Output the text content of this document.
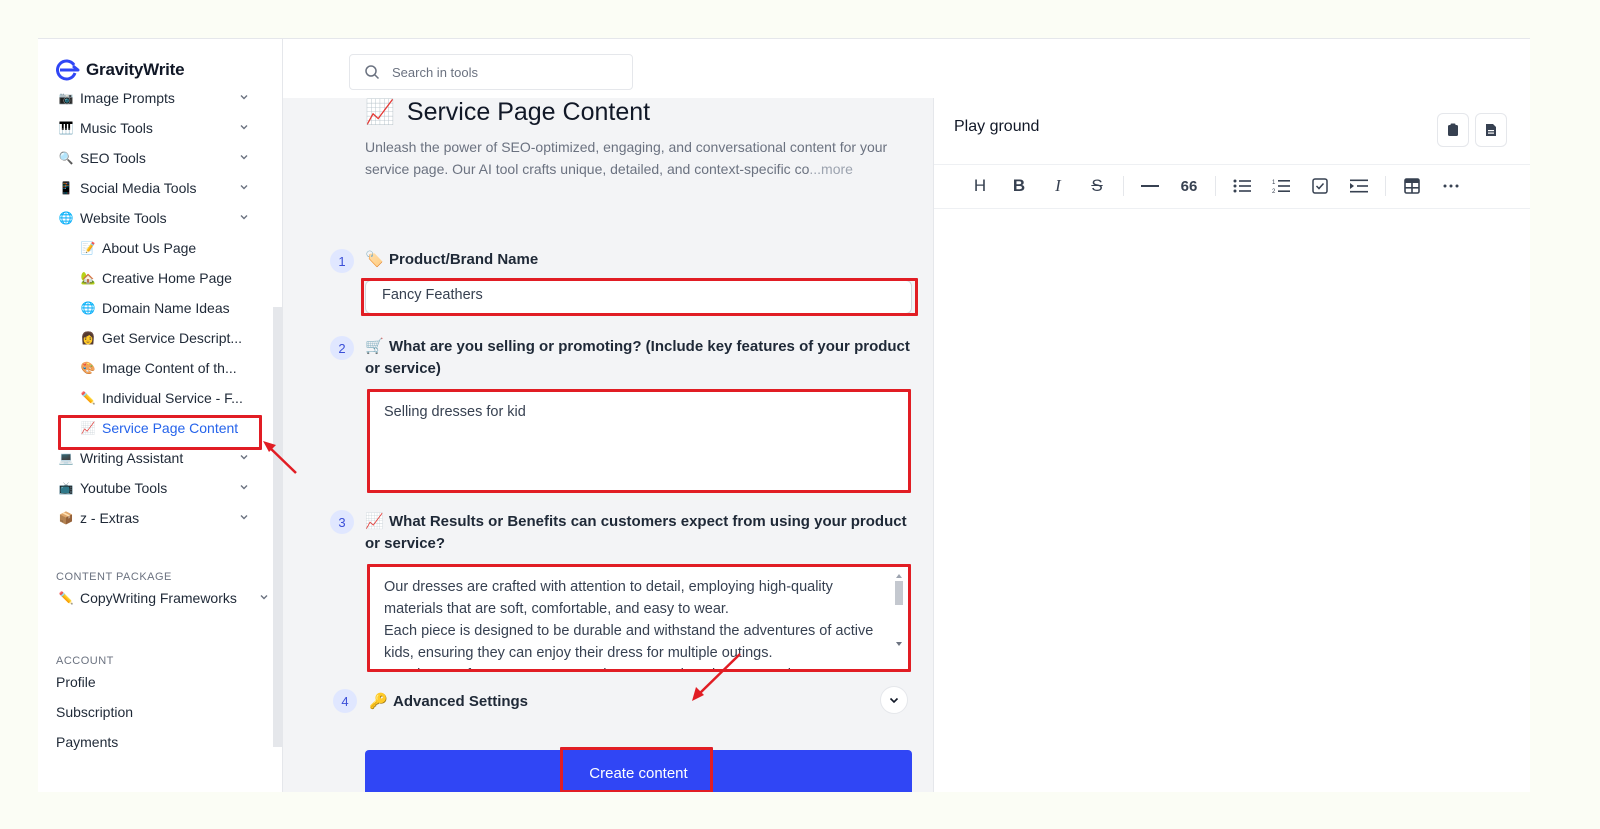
GravityWrite
📷 Image Prompts
🎹 Music Tools
🔍 SEO Tools
📱 Social Media Tools
🌐 Website Tools
📝 About Us Page
🏡 Creative Home Page
🌐 Domain Name Ideas
👩 Get Service Descript...
🎨 Image Content of th...
✏️ Individual Service - F...
📈 Service Page Content
💻 Writing Assistant
📺 Youtube Tools
📦 z - Extras
CONTENT PACKAGE
✏️ CopyWriting Frameworks
ACCOUNT
Profile
Subscription
Payments
Search in tools
📈 Service Page Content

Unleash the power of SEO-optimized, engaging, and conversational content for your service page. Our AI tool crafts unique, detailed, and context-specific co...more

1	🏷️ Product/Brand Name
Fancy Feathers
2	🛒 What are you selling or promoting? (Include key features of your product or service)
Selling dresses for kid
3	📈 What Results or Benefits can customers expect from using your product or service?
Our dresses are crafted with attention to detail, employing high-quality materials that are soft, comfortable, and easy to wear. Each piece is designed to be durable and withstand the adventures of active kids, ensuring they can enjoy their dress for multiple outings. Our dresses feature easy-to-use closures, such as buttons or zippers
4	🔑 Advanced Settings
Create content
Play ground
H B I S	66	1
2
